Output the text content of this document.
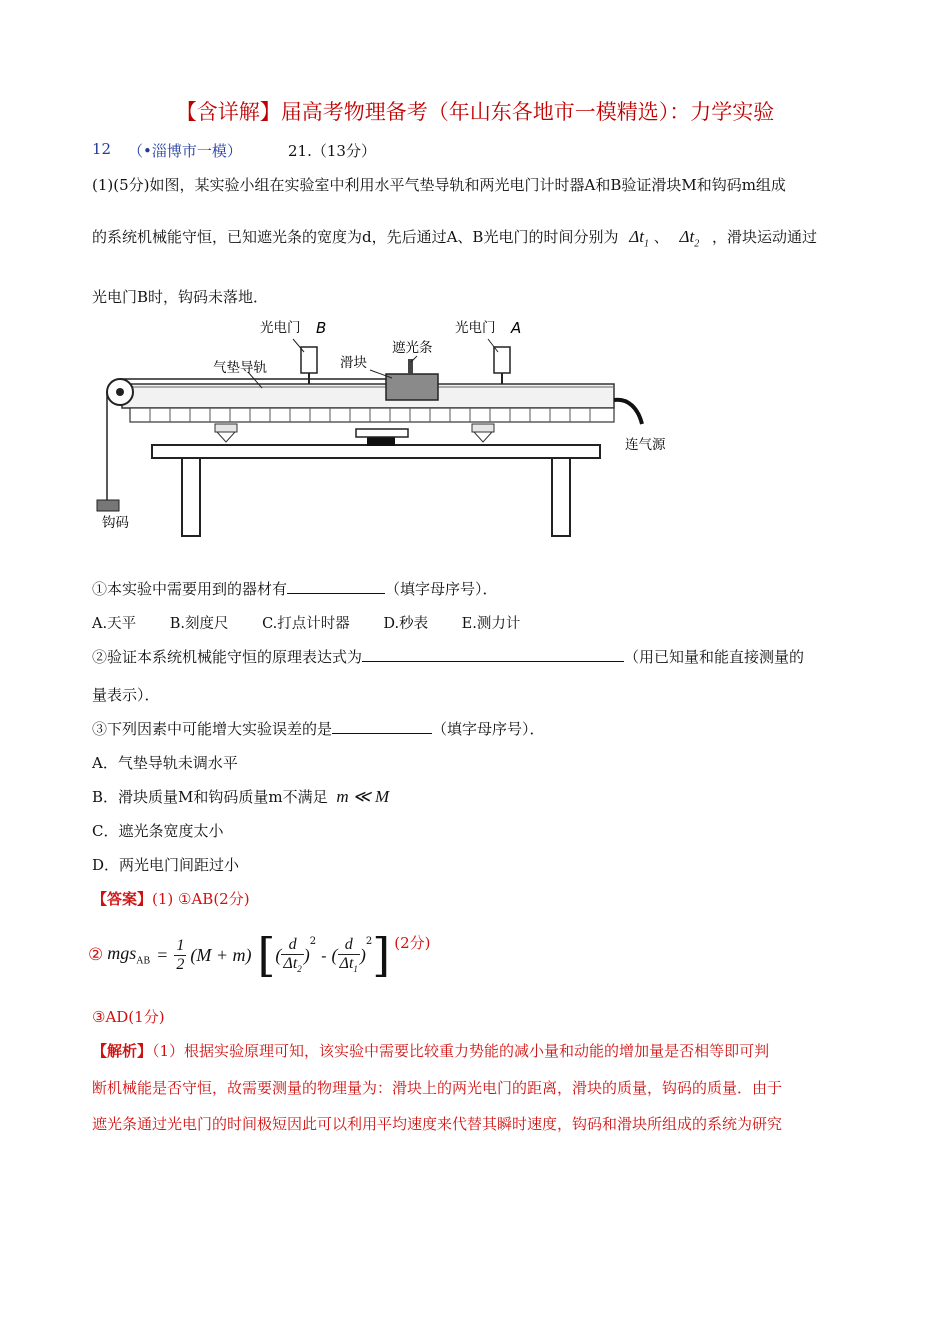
【含详解】届高考物理备考（年山东各地市一模精选）：力学实验
12 （•淄博市一模）	21.（13分）
(1)(5分)如图，某实验小组在实验室中利用水平气垫导轨和两光电门计时器A和B验证滑块M和钩码m组成
的系统机械能守恒，已知遮光条的宽度为d，先后通过A、B光电门的时间分别为 $\Delta t_1$ 、 $\Delta t_2$ ，滑块运动通过
光电门B时，钩码未落地．
光电门 B	光电门 A
气垫导轨	滑块
遮光条
连气源
钩码
①本实验中需要用到的器材有	（填字母序号）．
A.天平　　 B.刻度尺　　 C.打点计时器　　 D.秒表　　 E.测力计
②验证本系统机械能守恒的原理表达式为	（用已知量和能直接测量的
量表示）．
③下列因素中可能增大实验误差的是	（填字母序号）．
A．气垫导轨未调水平
B．滑块质量M和钩码质量m不满足 m ≪ M
C．遮光条宽度太小
D．两光电门间距过小
【答案】(1) ①AB(2分)
② $mgs_{AB} = \frac{1}{2} (M + m)$ [ ( $\frac{d}{\Delta t_2}$ )
$^2$
- ( $\frac{d}{\Delta t_1}$ )
$^2$ ] (2分)
③AD(1分)
【解析】（1）根据实验原理可知，该实验中需要比较重力势能的减小量和动能的增加量是否相等即可判
断机械能是否守恒，故需要测量的物理量为：滑块上的两光电门的距离，滑块的质量，钩码的质量．由于
遮光条通过光电门的时间极短因此可以利用平均速度来代替其瞬时速度，钩码和滑块所组成的系统为研究
